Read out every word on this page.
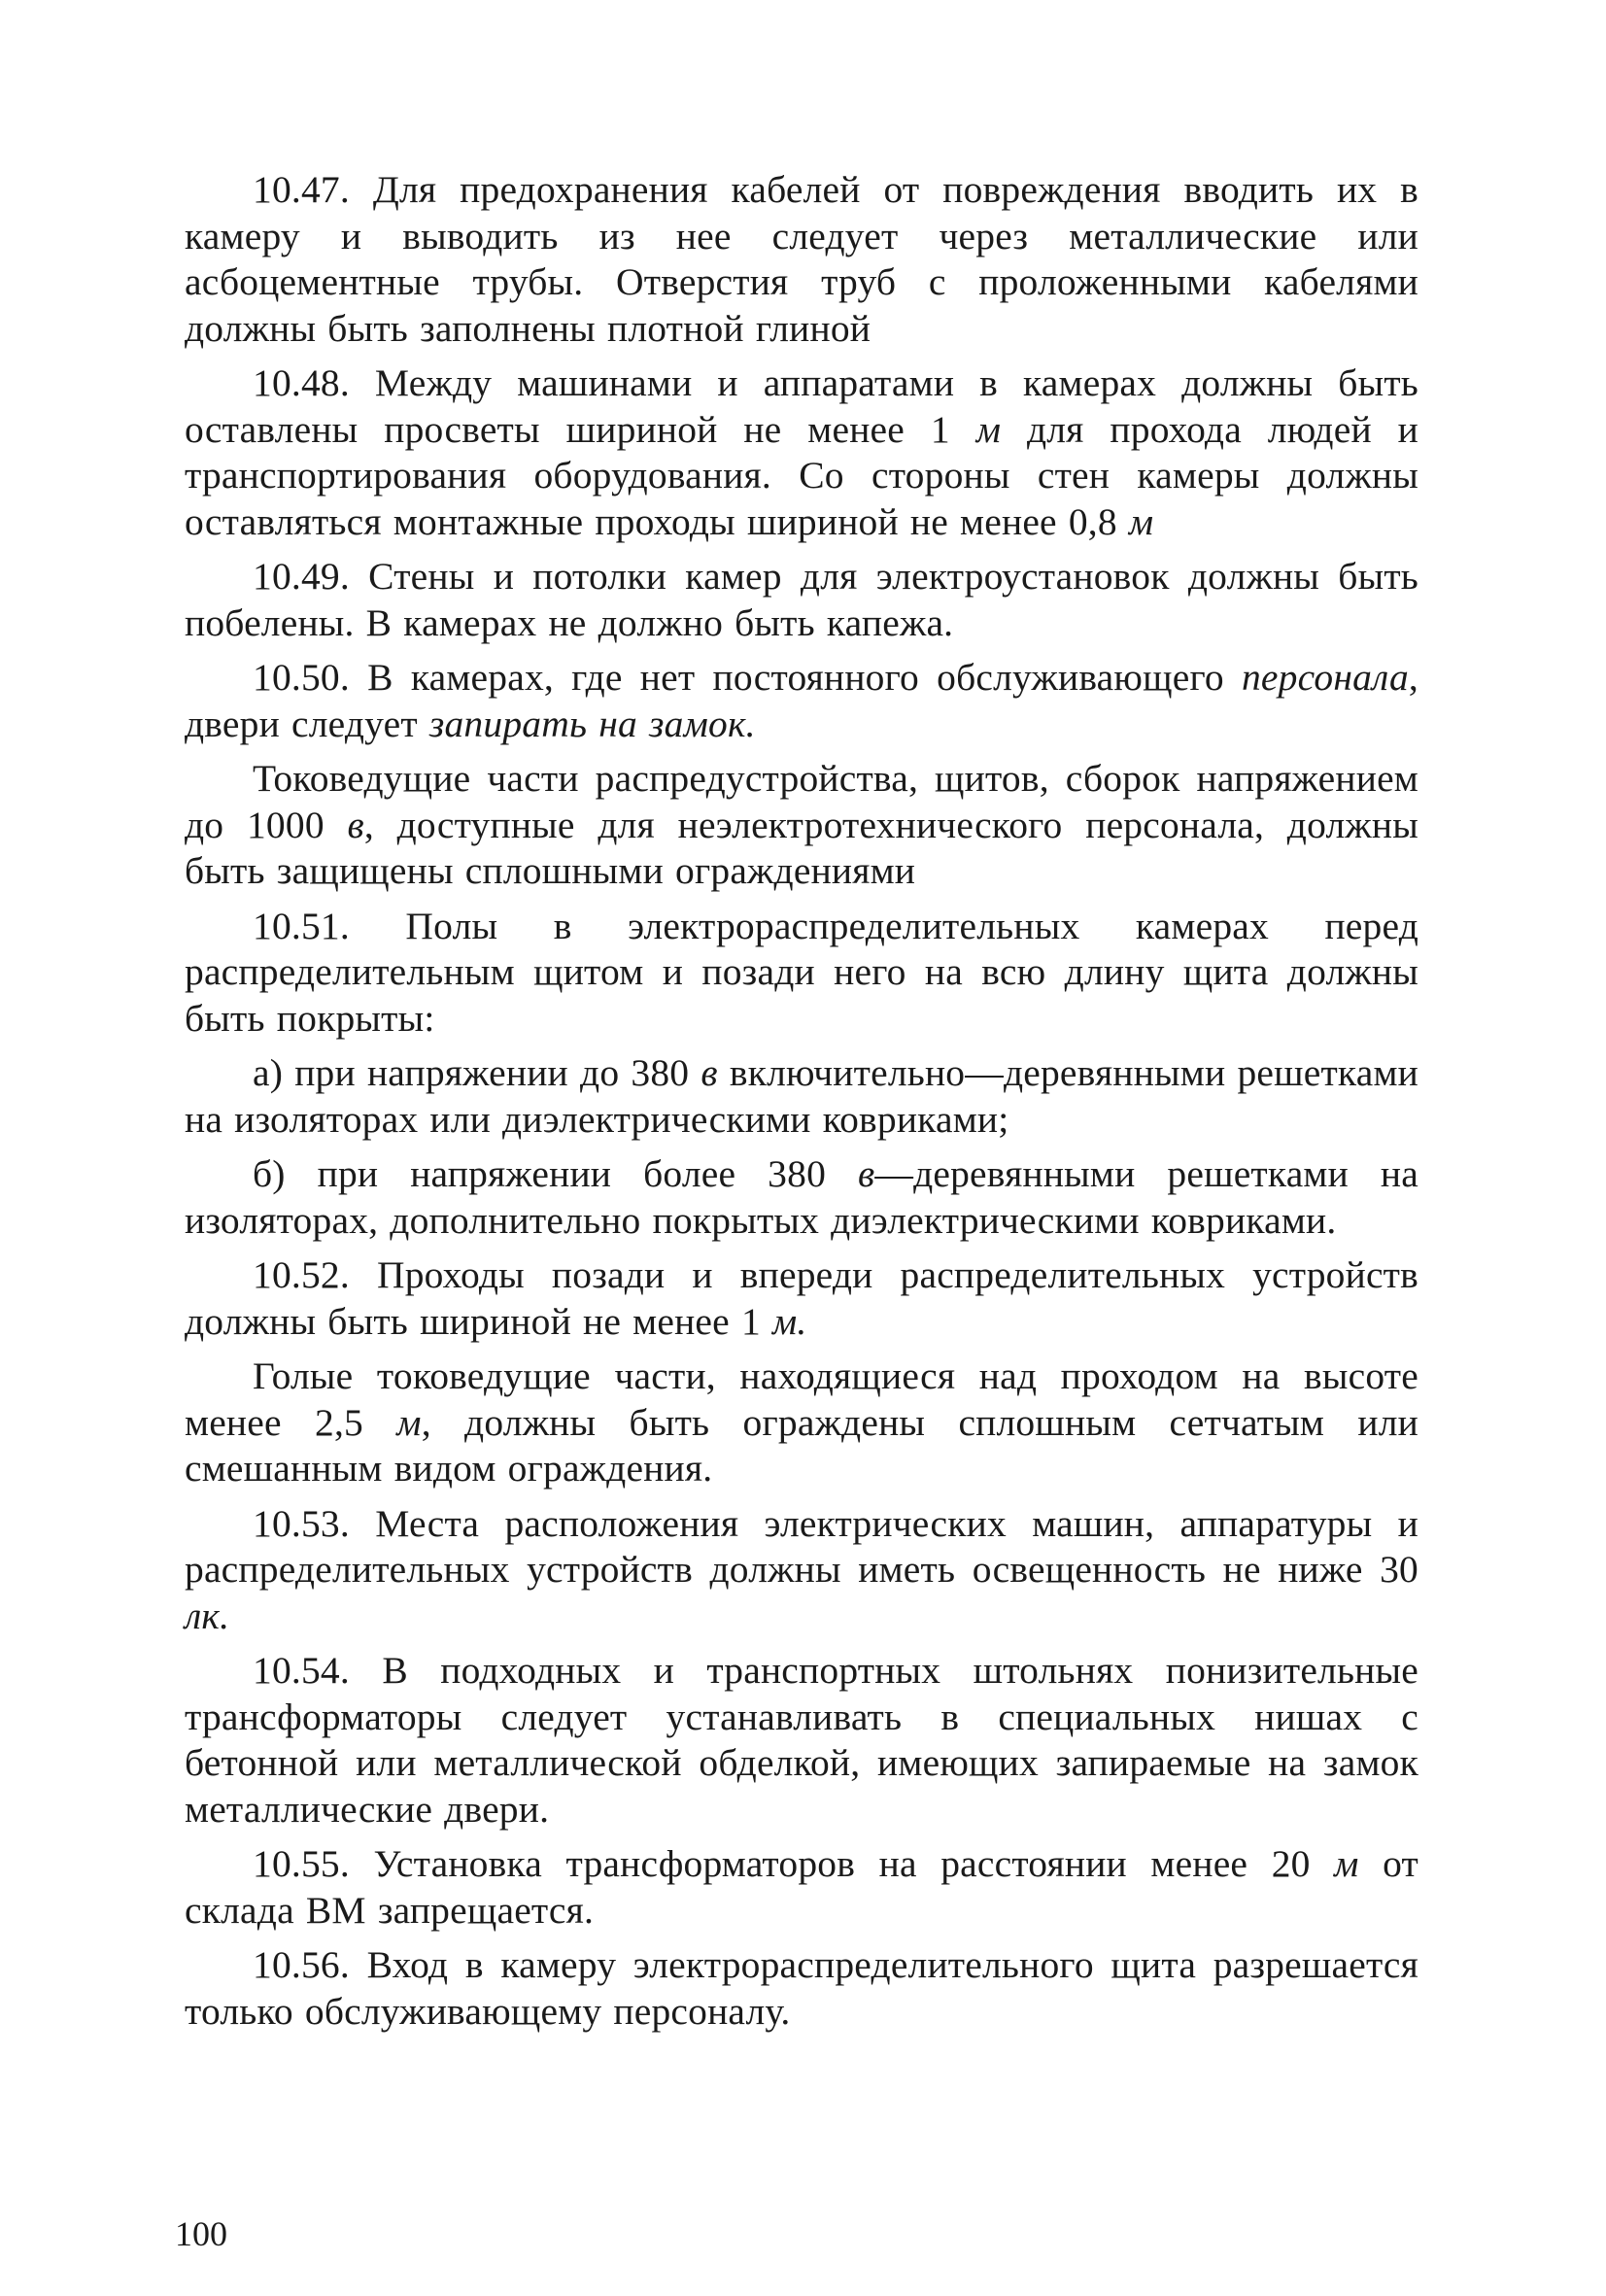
10.47. Для предохранения кабелей от повреждения вводить их в камеру и выводить из нее следует через металлические или асбоцементные трубы. Отверстия труб с проложенными кабелями должны быть заполнены плотной глиной

10.48. Между машинами и аппаратами в камерах должны быть оставлены просветы шириной не менее 1 м для прохода людей и транспортирования оборудования. Со стороны стен камеры должны оставляться монтажные проходы шириной не менее 0,8 м

10.49. Стены и потолки камер для электроустановок должны быть побелены. В камерах не должно быть капежа.

10.50. В камерах, где нет постоянного обслуживающего персонала, двери следует запирать на замок.

Токоведущие части распредустройства, щитов, сборок напряжением до 1000 в, доступные для неэлектротехнического персонала, должны быть защищены сплошными ограждениями

10.51. Полы в электрораспределительных камерах перед распределительным щитом и позади него на всю длину щита должны быть покрыты:

а) при напряжении до 380 в включительно—деревянными решетками на изоляторах или диэлектрическими ковриками;

б) при напряжении более 380 в—деревянными решетками на изоляторах, дополнительно покрытых диэлектрическими ковриками.

10.52. Проходы позади и впереди распределительных устройств должны быть шириной не менее 1 м.

Голые токоведущие части, находящиеся над проходом на высоте менее 2,5 м, должны быть ограждены сплошным сетчатым или смешанным видом ограждения.

10.53. Места расположения электрических машин, аппаратуры и распределительных устройств должны иметь освещенность не ниже 30 лк.

10.54. В подходных и транспортных штольнях понизительные трансформаторы следует устанавливать в специальных нишах с бетонной или металлической обделкой, имеющих запираемые на замок металлические двери.

10.55. Установка трансформаторов на расстоянии менее 20 м от склада ВМ запрещается.

10.56. Вход в камеру электрораспределительного щита разрешается только обслуживающему персоналу.

100
